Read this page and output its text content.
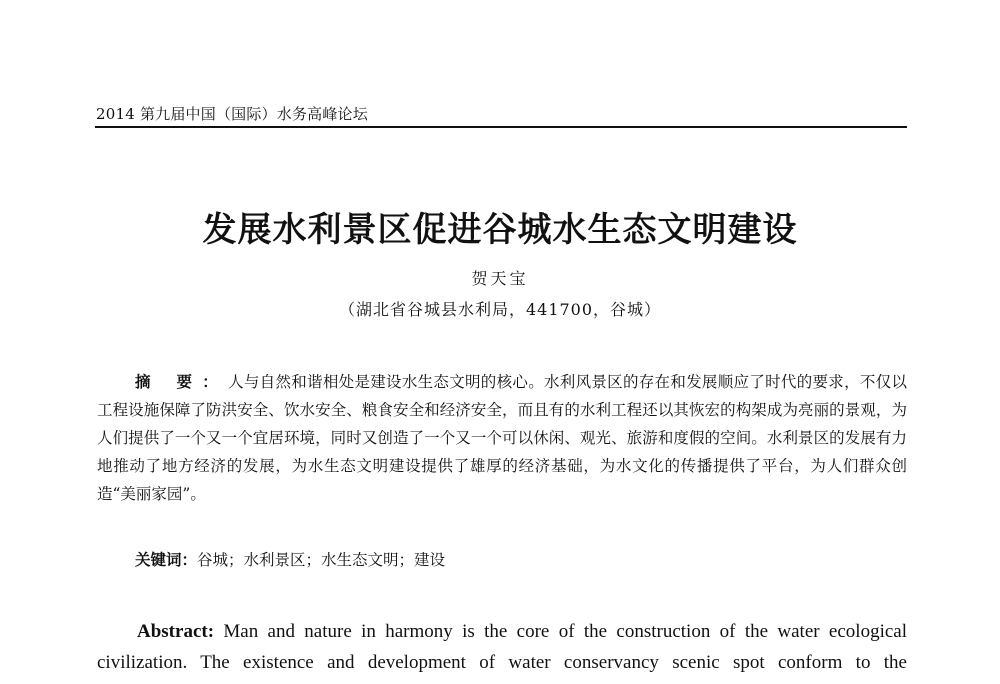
2014 第九届中国（国际）水务高峰论坛
发展水利景区促进谷城水生态文明建设
贺天宝
（湖北省谷城县水利局，441700，谷城）
摘 要：人与自然和谐相处是建设水生态文明的核心。水利风景区的存在和发展顺应了时代的要求，不仅以工程设施保障了防洪安全、饮水安全、粮食安全和经济安全，而且有的水利工程还以其恢宏的构架成为亮丽的景观，为人们提供了一个又一个宜居环境，同时又创造了一个又一个可以休闲、观光、旅游和度假的空间。水利景区的发展有力地推动了地方经济的发展，为水生态文明建设提供了雄厚的经济基础，为水文化的传播提供了平台，为人们群众创造“美丽家园”。
关键词：谷城；水利景区；水生态文明；建设
Abstract: Man and nature in harmony is the core of the construction of the water ecological civilization. The existence and development of water conservancy scenic spot conform to the
